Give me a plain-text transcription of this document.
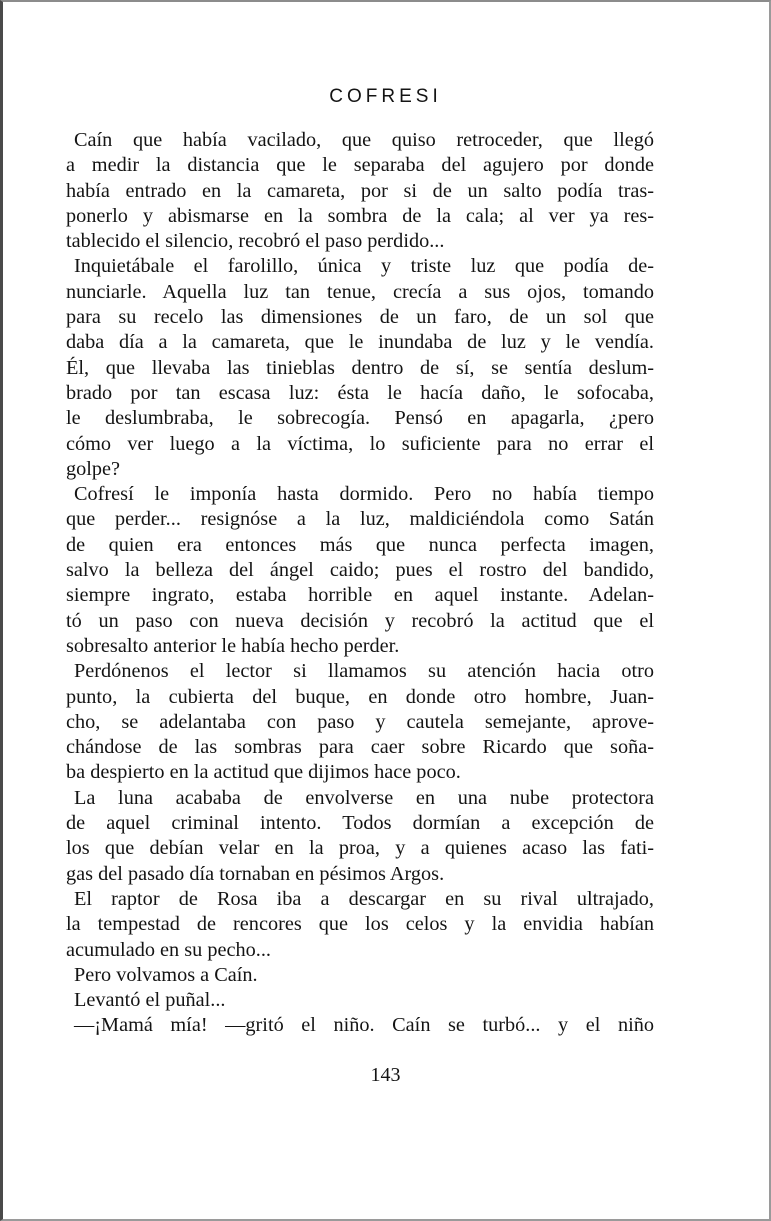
COFRESI
Caín que había vacilado, que quiso retroceder, que llegó
a medir la distancia que le separaba del agujero por donde
había entrado en la camareta, por si de un salto podía tras-
ponerlo y abismarse en la sombra de la cala; al ver ya res-
tablecido el silencio, recobró el paso perdido...
Inquietábale el farolillo, única y triste luz que podía de-
nunciarle. Aquella luz tan tenue, crecía a sus ojos, tomando
para su recelo las dimensiones de un faro, de un sol que
daba día a la camareta, que le inundaba de luz y le vendía.
Él, que llevaba las tinieblas dentro de sí, se sentía deslum-
brado por tan escasa luz: ésta le hacía daño, le sofocaba,
le deslumbraba, le sobrecogía. Pensó en apagarla, ¿pero
cómo ver luego a la víctima, lo suficiente para no errar el
golpe?
Cofresí le imponía hasta dormido. Pero no había tiempo
que perder... resignóse a la luz, maldiciéndola como Satán
de quien era entonces más que nunca perfecta imagen,
salvo la belleza del ángel caido; pues el rostro del bandido,
siempre ingrato, estaba horrible en aquel instante. Adelan-
tó un paso con nueva decisión y recobró la actitud que el
sobresalto anterior le había hecho perder.
Perdónenos el lector si llamamos su atención hacia otro
punto, la cubierta del buque, en donde otro hombre, Juan-
cho, se adelantaba con paso y cautela semejante, aprove-
chándose de las sombras para caer sobre Ricardo que soña-
ba despierto en la actitud que dijimos hace poco.
La luna acababa de envolverse en una nube protectora
de aquel criminal intento. Todos dormían a excepción de
los que debían velar en la proa, y a quienes acaso las fati-
gas del pasado día tornaban en pésimos Argos.
El raptor de Rosa iba a descargar en su rival ultrajado,
la tempestad de rencores que los celos y la envidia habían
acumulado en su pecho...
Pero volvamos a Caín.
Levantó el puñal...
—¡Mamá mía! —gritó el niño. Caín se turbó... y el niño
143
